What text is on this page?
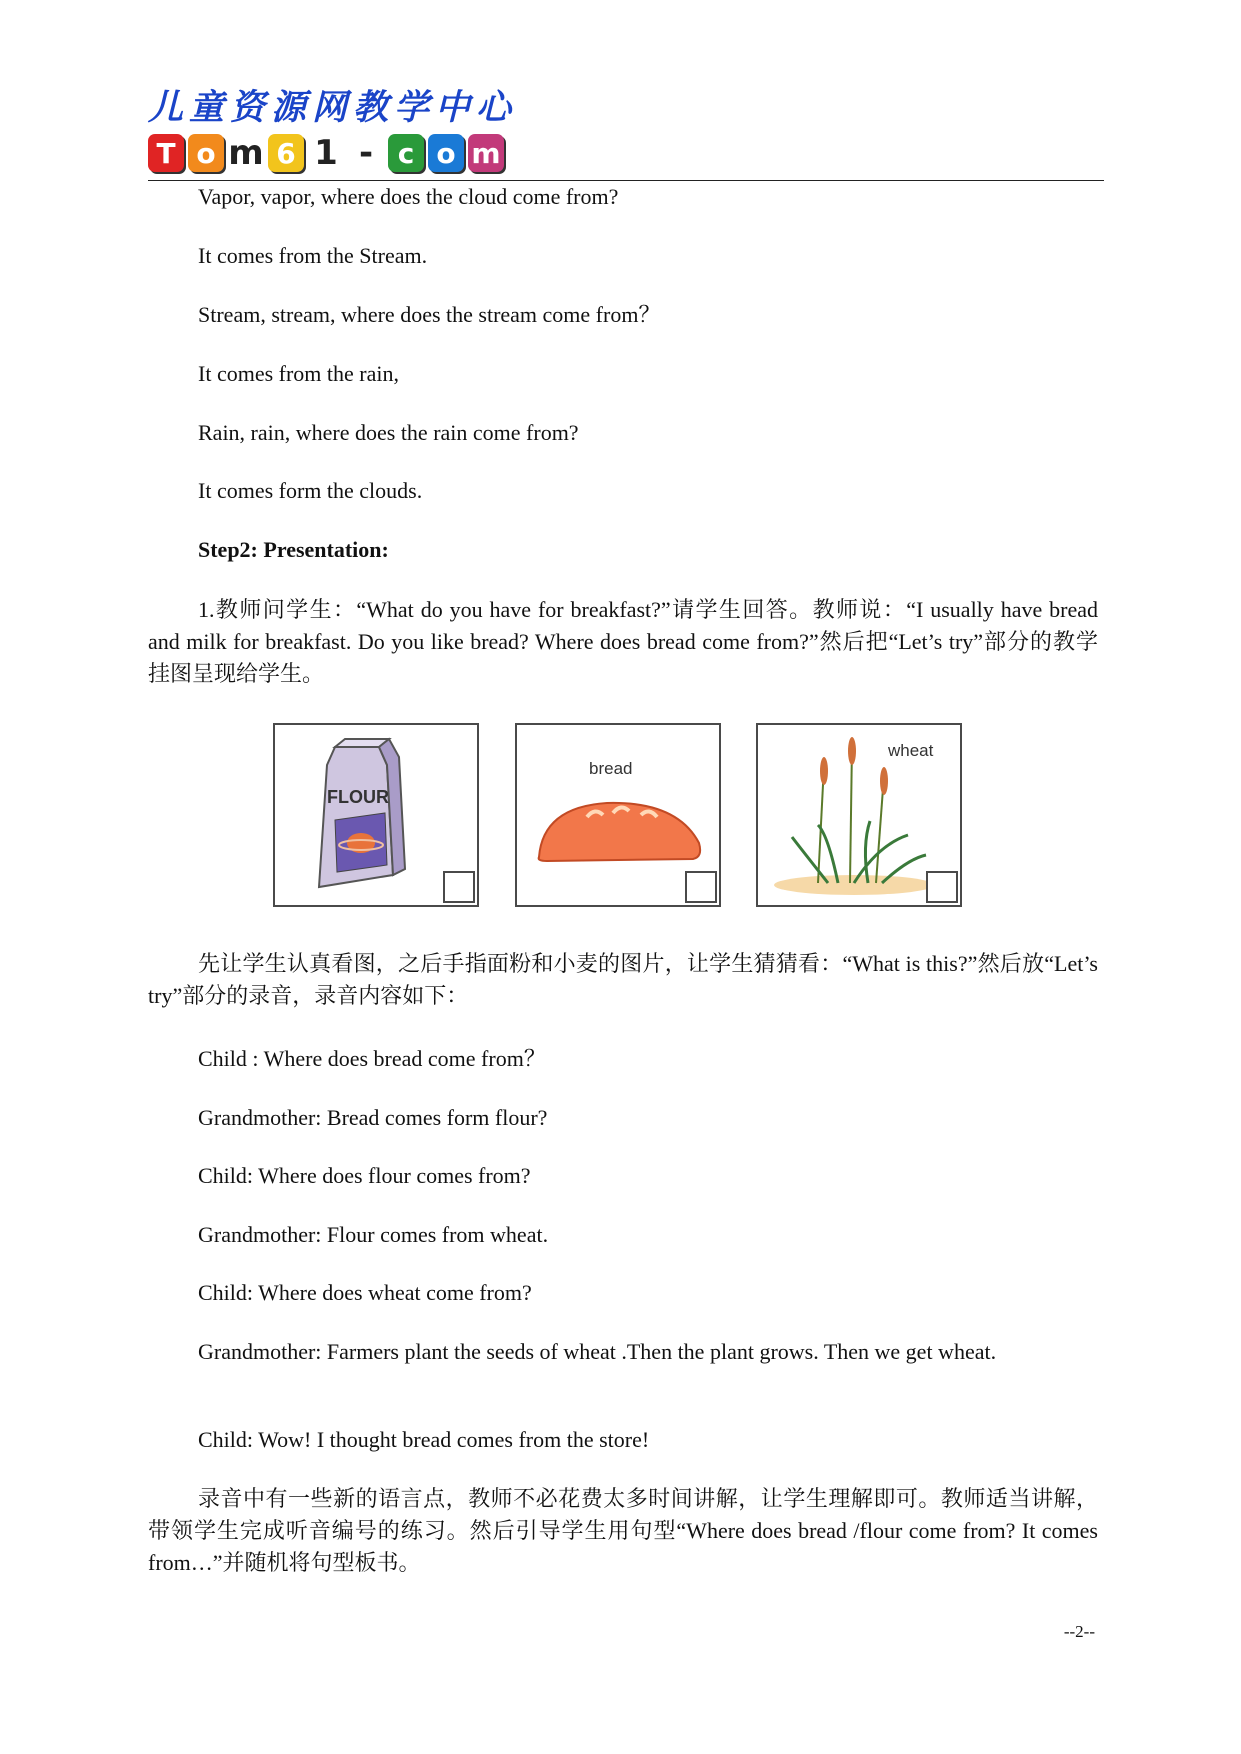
儿童资源网教学中心
T o m 6 1 - c o m
Vapor, vapor, where does the cloud come from?
It comes from the Stream.
Stream, stream, where does the stream come from？
It comes from the rain,
Rain, rain, where does the rain come from?
It comes form the clouds.
Step2: Presentation:
1.教师问学生：“What do you have for breakfast?”请学生回答。教师说：“I usually have bread and milk for breakfast. Do you like bread? Where does bread come from?”然后把“Let’s try”部分的教学挂图呈现给学生。
FLOUR
bread
wheat
先让学生认真看图，之后手指面粉和小麦的图片，让学生猜猜看：“What is this?”然后放“Let’s try”部分的录音，录音内容如下：
Child : Where does bread come from？
Grandmother: Bread comes form flour?
Child: Where does flour comes from?
Grandmother: Flour comes from wheat.
Child: Where does wheat come from?
Grandmother: Farmers plant the seeds of wheat .Then the plant grows. Then we get wheat.
Child: Wow! I thought bread comes from the store!
录音中有一些新的语言点，教师不必花费太多时间讲解，让学生理解即可。教师适当讲解，带领学生完成听音编号的练习。然后引导学生用句型“Where does bread /flour come from? It comes from…”并随机将句型板书。
--2--
